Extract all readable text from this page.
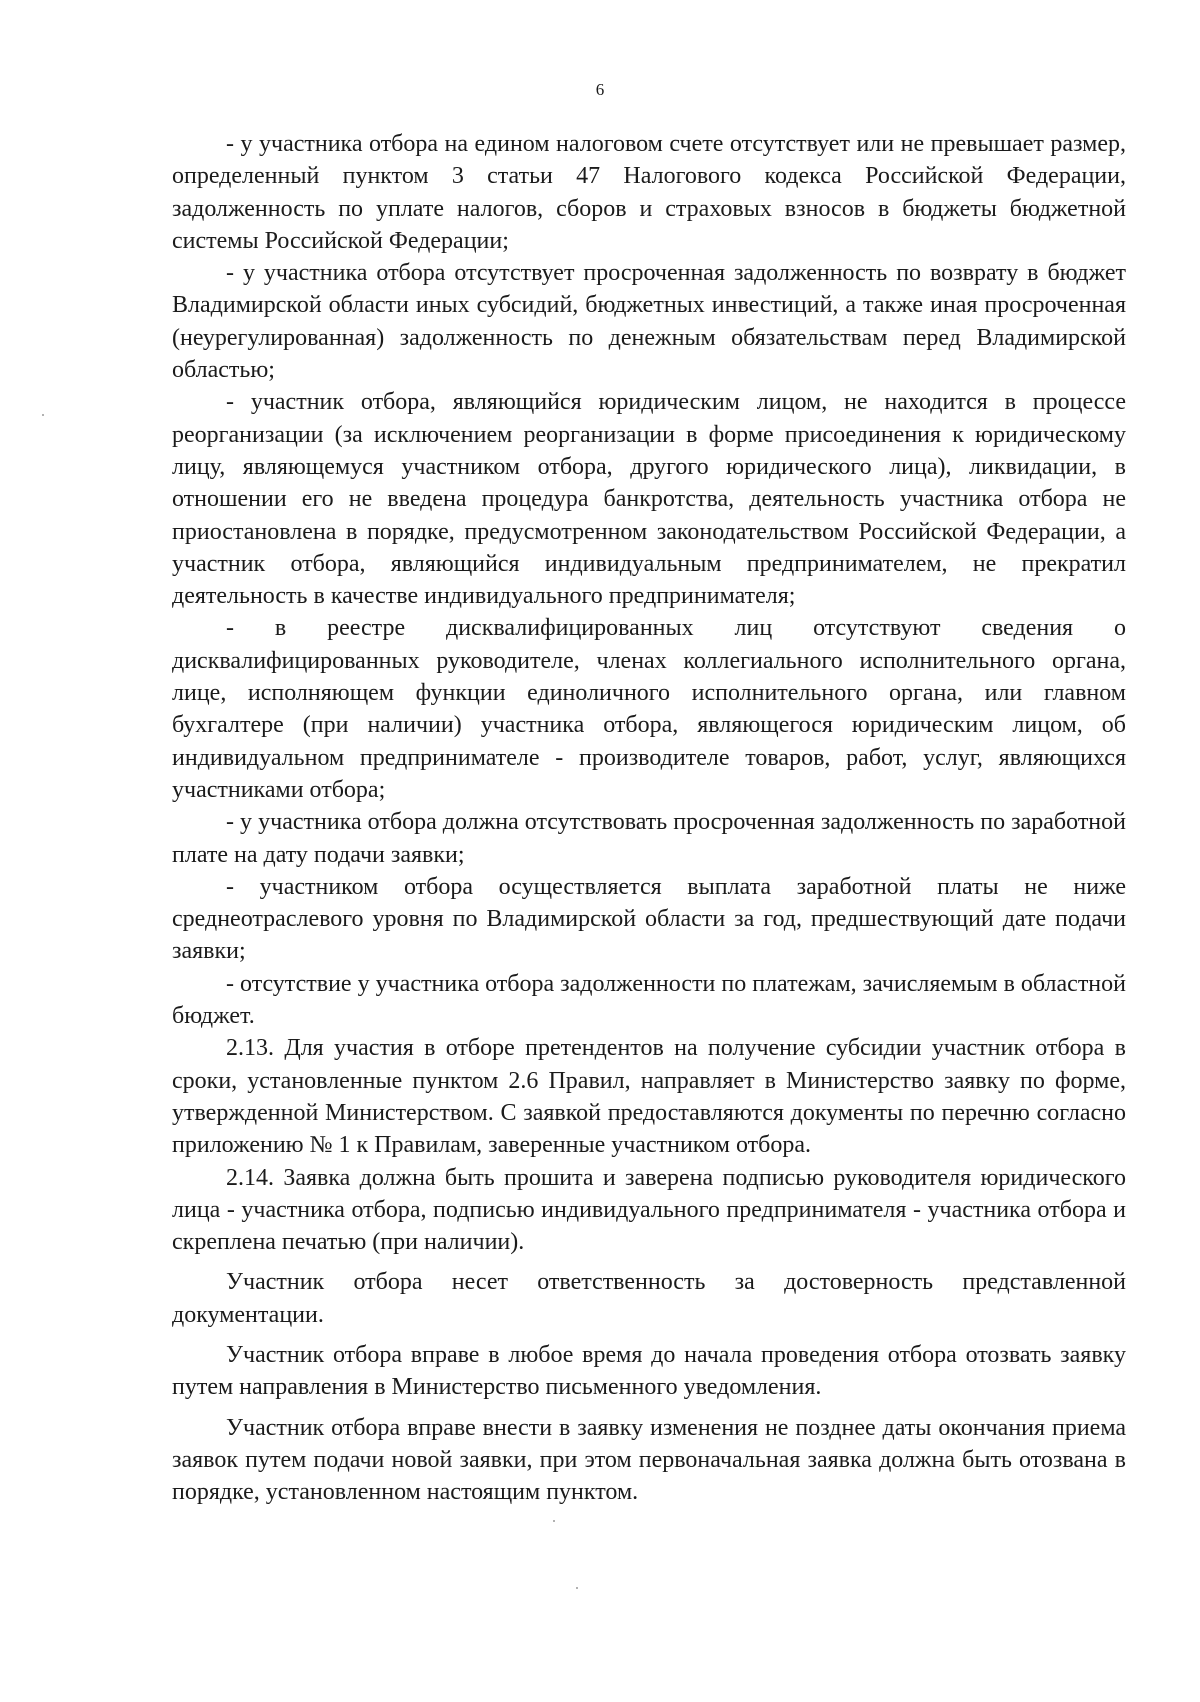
6

- у участника отбора на едином налоговом счете отсутствует или не превышает размер, определенный пунктом 3 статьи 47 Налогового кодекса Российской Федерации, задолженность по уплате налогов, сборов и страховых взносов в бюджеты бюджетной системы Российской Федерации;

- у участника отбора отсутствует просроченная задолженность по возврату в бюджет Владимирской области иных субсидий, бюджетных инвестиций, а также иная просроченная (неурегулированная) задолженность по денежным обязательствам перед Владимирской областью;

- участник отбора, являющийся юридическим лицом, не находится в процессе реорганизации (за исключением реорганизации в форме присоединения к юридическому лицу, являющемуся участником отбора, другого юридического лица), ликвидации, в отношении его не введена процедура банкротства, деятельность участника отбора не приостановлена в порядке, предусмотренном законодательством Российской Федерации, а участник отбора, являющийся индивидуальным предпринимателем, не прекратил деятельность в качестве индивидуального предпринимателя;

- в реестре дисквалифицированных лиц отсутствуют сведения о дисквалифицированных руководителе, членах коллегиального исполнительного органа, лице, исполняющем функции единоличного исполнительного органа, или главном бухгалтере (при наличии) участника отбора, являющегося юридическим лицом, об индивидуальном предпринимателе - производителе товаров, работ, услуг, являющихся участниками отбора;

- у участника отбора должна отсутствовать просроченная задолженность по заработной плате на дату подачи заявки;

- участником отбора осуществляется выплата заработной платы не ниже среднеотраслевого уровня по Владимирской области за год, предшествующий дате подачи заявки;

- отсутствие у участника отбора задолженности по платежам, зачисляемым в областной бюджет.

2.13. Для участия в отборе претендентов на получение субсидии участник отбора в сроки, установленные пунктом 2.6 Правил, направляет в Министерство заявку по форме, утвержденной Министерством. С заявкой предоставляются документы по перечню согласно приложению № 1 к Правилам, заверенные участником отбора.

2.14. Заявка должна быть прошита и заверена подписью руководителя юридического лица - участника отбора, подписью индивидуального предпринимателя - участника отбора и скреплена печатью (при наличии).

Участник отбора несет ответственность за достоверность представленной документации.

Участник отбора вправе в любое время до начала проведения отбора отозвать заявку путем направления в Министерство письменного уведомления.

Участник отбора вправе внести в заявку изменения не позднее даты окончания приема заявок путем подачи новой заявки, при этом первоначальная заявка должна быть отозвана в порядке, установленном настоящим пунктом.
